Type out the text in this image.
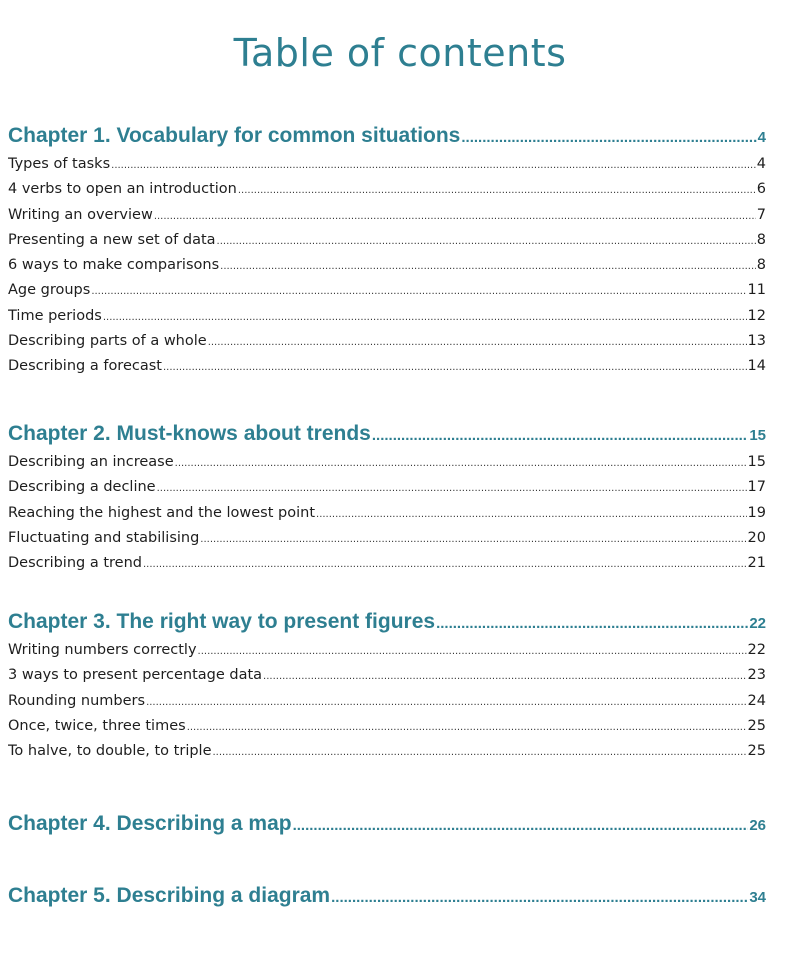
Table of contents
Chapter 1. Vocabulary for common situations .....	4
Types of tasks .....	4
4 verbs to open an introduction .....	6
Writing an overview .....	7
Presenting a new set of data .....	8
6 ways to make comparisons .....	8
Age groups .....	11
Time periods .....	12
Describing parts of a whole .....	13
Describing a forecast .....	14
Chapter 2. Must-knows about trends .....	15
Describing an increase .....	15
Describing a decline .....	17
Reaching the highest and the lowest point .....	19
Fluctuating and stabilising .....	20
Describing a trend .....	21
Chapter 3. The right way to present figures .....	22
Writing numbers correctly .....	22
3 ways to present percentage data .....	23
Rounding numbers .....	24
Once, twice, three times .....	25
To halve, to double, to triple .....	25
Chapter 4. Describing a map .....	26
Chapter 5. Describing a diagram .....	34
